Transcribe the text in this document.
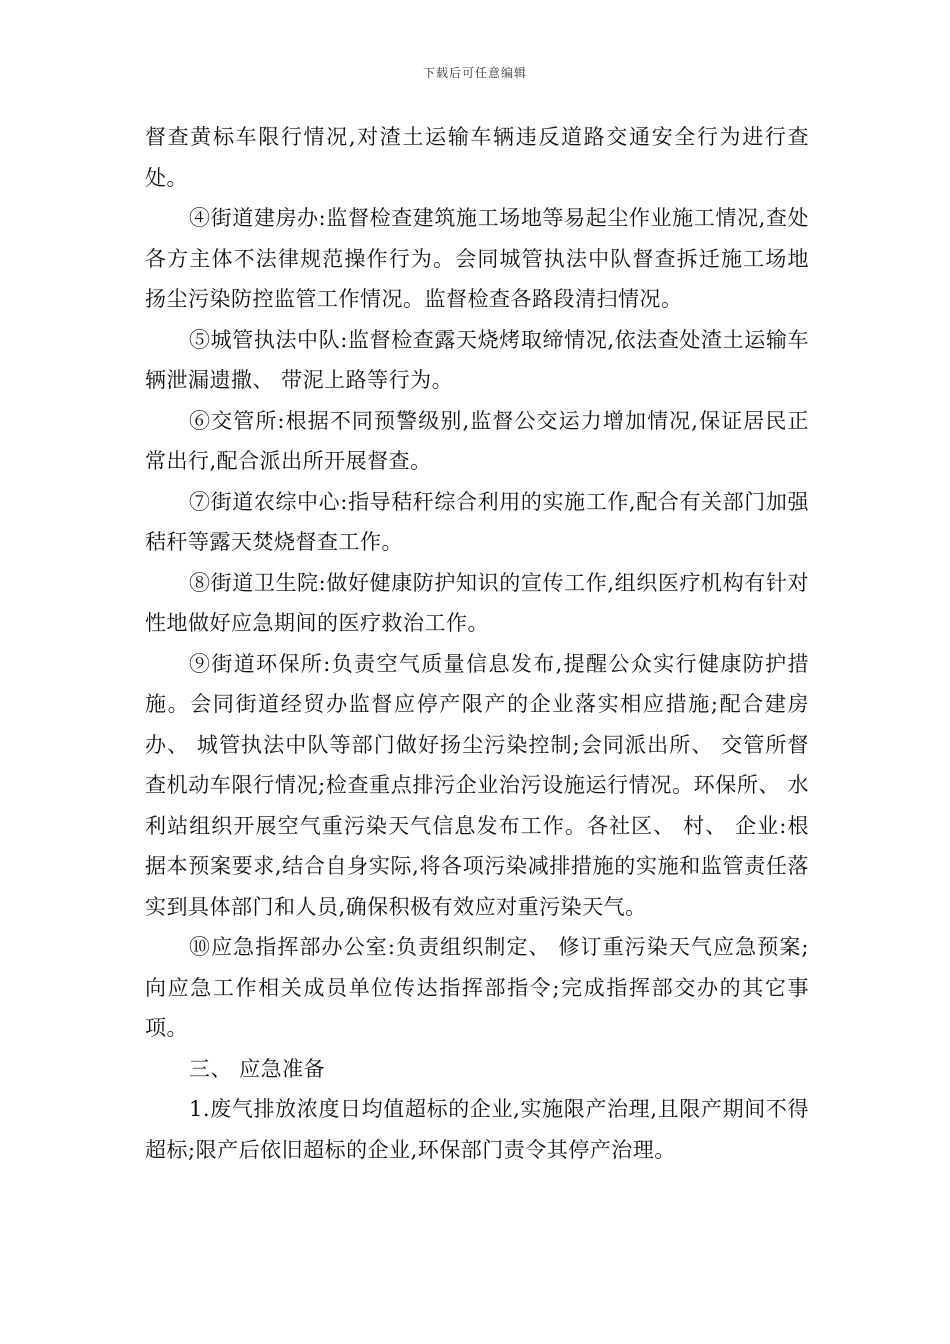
下载后可任意编辑

督查黄标车限行情况,对渣土运输车辆违反道路交通安全行为进行查处。

④街道建房办:监督检查建筑施工场地等易起尘作业施工情况,查处各方主体不法律规范操作行为。会同城管执法中队督查拆迁施工场地扬尘污染防控监管工作情况。监督检查各路段清扫情况。

⑤城管执法中队:监督检查露天烧烤取缔情况,依法查处渣土运输车辆泄漏遗撒、 带泥上路等行为。

⑥交管所:根据不同预警级别,监督公交运力增加情况,保证居民正常出行,配合派出所开展督查。

⑦街道农综中心:指导秸秆综合利用的实施工作,配合有关部门加强秸秆等露天焚烧督查工作。

⑧街道卫生院:做好健康防护知识的宣传工作,组织医疗机构有针对性地做好应急期间的医疗救治工作。

⑨街道环保所:负责空气质量信息发布,提醒公众实行健康防护措施。会同街道经贸办监督应停产限产的企业落实相应措施;配合建房办、 城管执法中队等部门做好扬尘污染控制;会同派出所、 交管所督查机动车限行情况;检查重点排污企业治污设施运行情况。环保所、 水利站组织开展空气重污染天气信息发布工作。各社区、 村、 企业:根据本预案要求,结合自身实际,将各项污染减排措施的实施和监管责任落实到具体部门和人员,确保积极有效应对重污染天气。

⑩应急指挥部办公室:负责组织制定、 修订重污染天气应急预案;向应急工作相关成员单位传达指挥部指令;完成指挥部交办的其它事项。

三、 应急准备

1.废气排放浓度日均值超标的企业,实施限产治理,且限产期间不得超标;限产后依旧超标的企业,环保部门责令其停产治理。
